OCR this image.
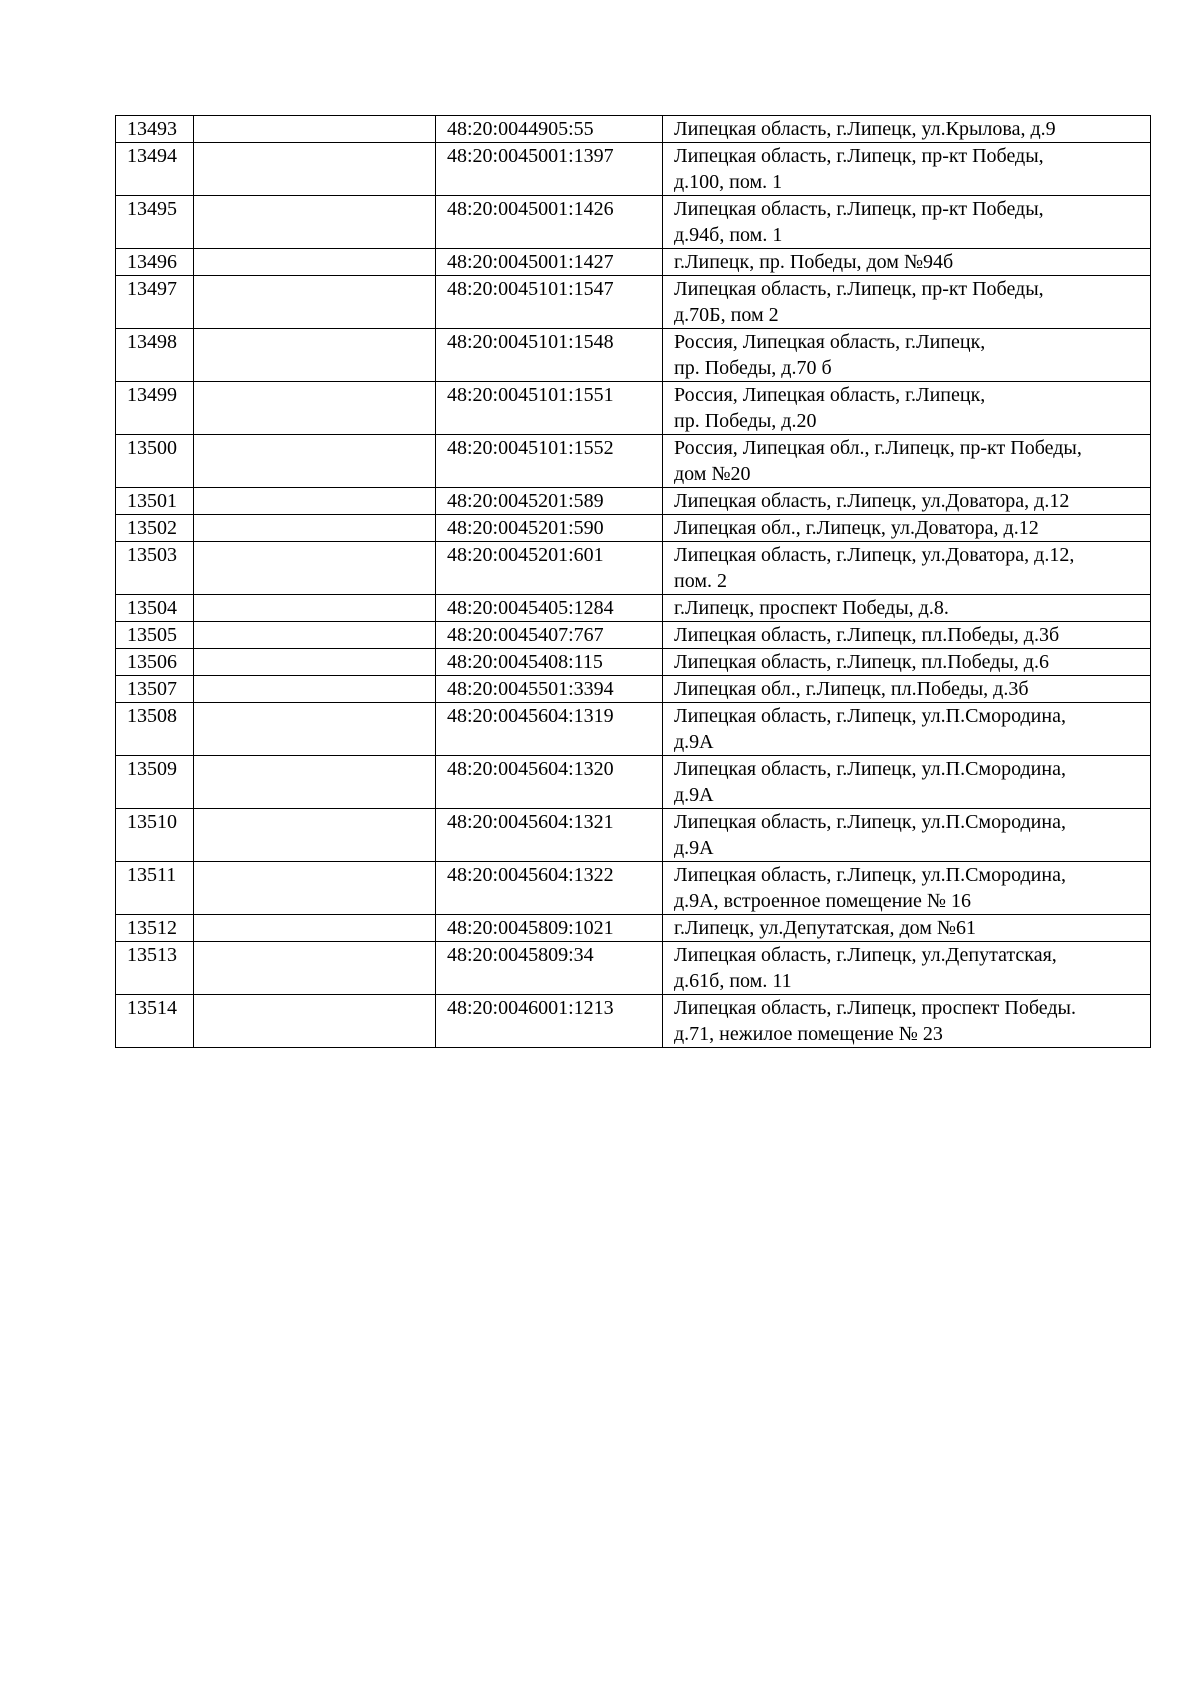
13493		48:20:0044905:55	Липецкая область, г.Липецк, ул.Крылова, д.9
13494		48:20:0045001:1397	Липецкая область, г.Липецк, пр-кт Победы,
д.100, пом. 1
13495		48:20:0045001:1426	Липецкая область, г.Липецк, пр-кт Победы,
д.94б, пом. 1
13496		48:20:0045001:1427	г.Липецк, пр. Победы, дом №94б
13497		48:20:0045101:1547	Липецкая область, г.Липецк, пр-кт Победы,
д.70Б, пом 2
13498		48:20:0045101:1548	Россия, Липецкая область, г.Липецк,
пр. Победы, д.70 б
13499		48:20:0045101:1551	Россия, Липецкая область, г.Липецк,
пр. Победы, д.20
13500		48:20:0045101:1552	Россия, Липецкая обл., г.Липецк, пр-кт Победы,
дом №20
13501		48:20:0045201:589	Липецкая область, г.Липецк, ул.Доватора, д.12
13502		48:20:0045201:590	Липецкая обл., г.Липецк, ул.Доватора, д.12
13503		48:20:0045201:601	Липецкая область, г.Липецк, ул.Доватора, д.12,
пом. 2
13504		48:20:0045405:1284	г.Липецк, проспект Победы, д.8.
13505		48:20:0045407:767	Липецкая область, г.Липецк, пл.Победы, д.3б
13506		48:20:0045408:115	Липецкая область, г.Липецк, пл.Победы, д.6
13507		48:20:0045501:3394	Липецкая обл., г.Липецк, пл.Победы, д.3б
13508		48:20:0045604:1319	Липецкая область, г.Липецк, ул.П.Смородина,
д.9А
13509		48:20:0045604:1320	Липецкая область, г.Липецк, ул.П.Смородина,
д.9А
13510		48:20:0045604:1321	Липецкая область, г.Липецк, ул.П.Смородина,
д.9А
13511		48:20:0045604:1322	Липецкая область, г.Липецк, ул.П.Смородина,
д.9А, встроенное помещение № 16
13512		48:20:0045809:1021	г.Липецк, ул.Депутатская, дом №61
13513		48:20:0045809:34	Липецкая область, г.Липецк, ул.Депутатская,
д.61б, пом. 11
13514		48:20:0046001:1213	Липецкая область, г.Липецк, проспект Победы.
д.71, нежилое помещение № 23
